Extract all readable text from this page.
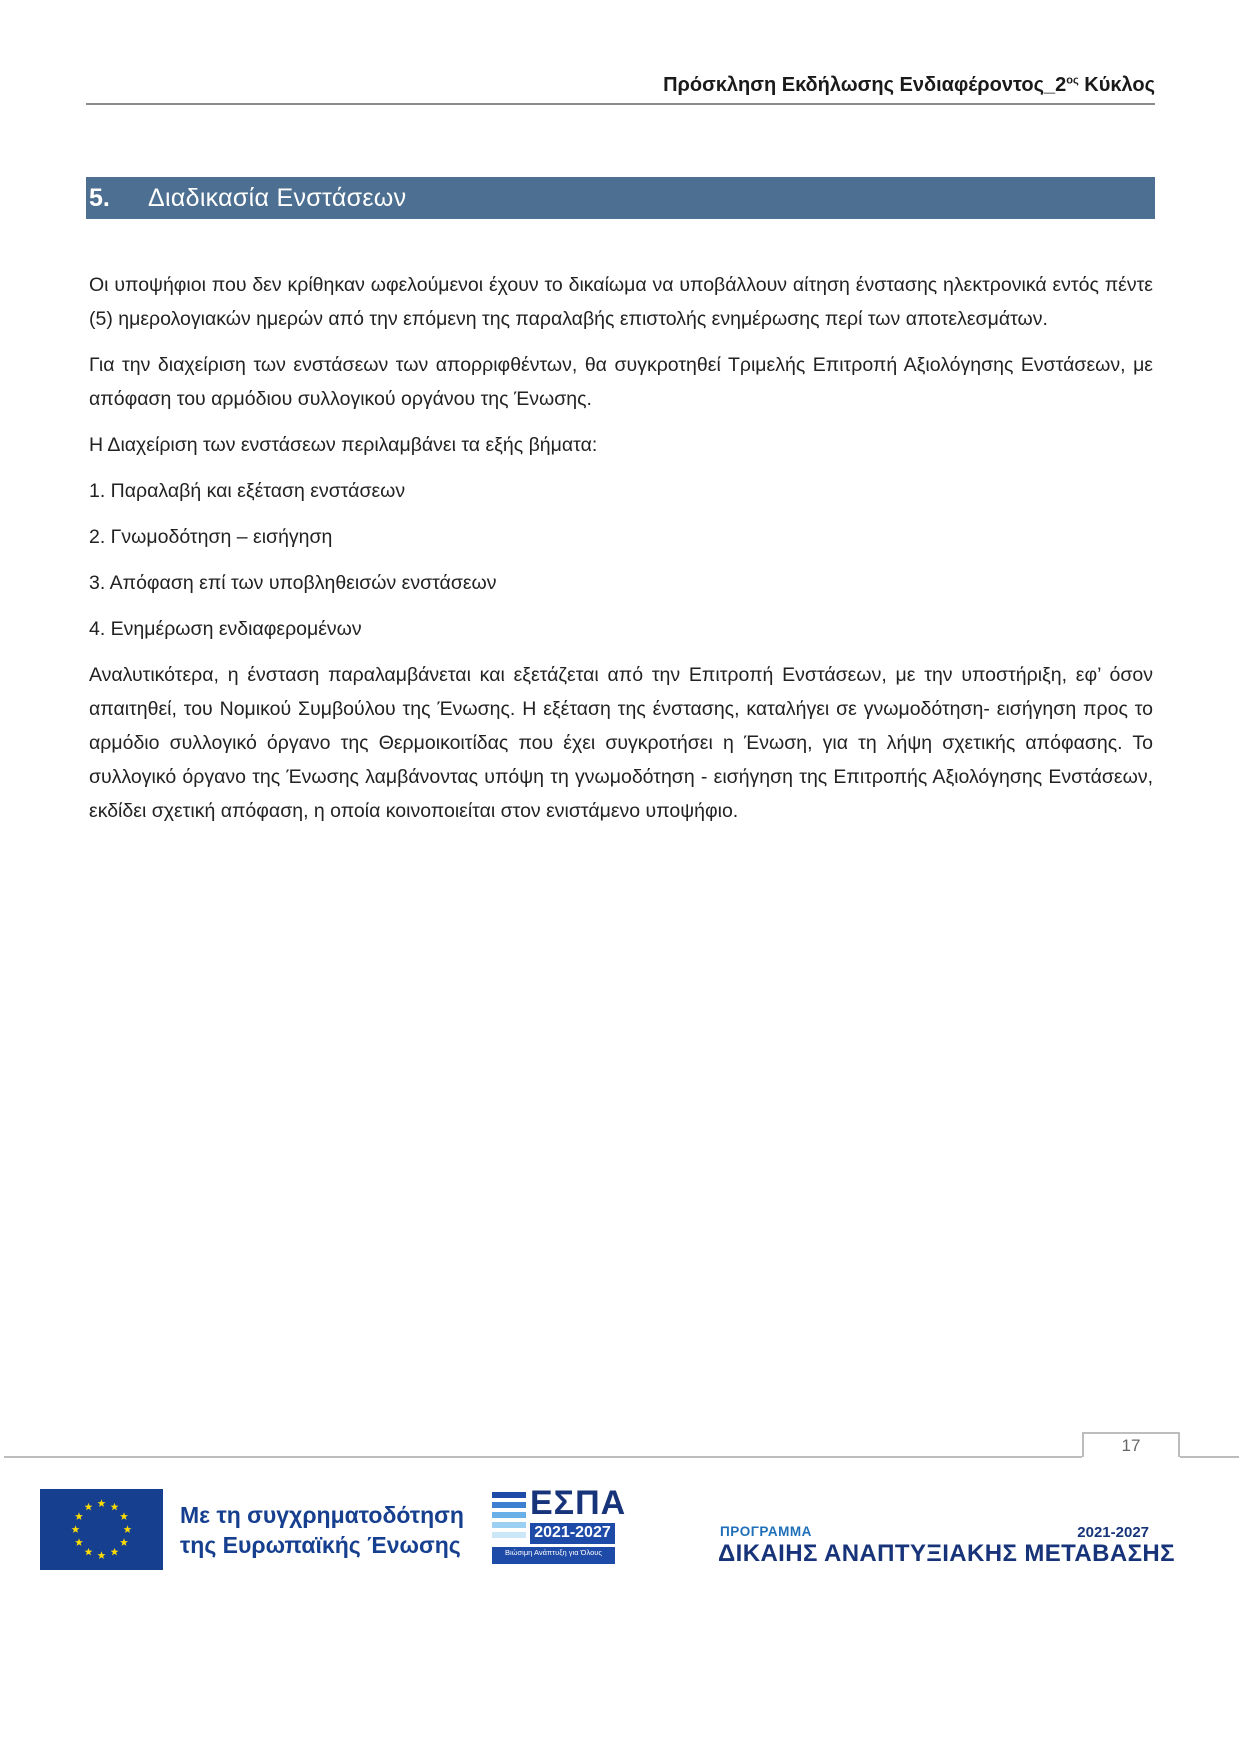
Πρόσκληση Εκδήλωσης $E\nu\delta\iota\alpha\varphi έ\rho o\nu\tau o\varsigma\_2^{o\varsigma}$ Κύκλος
5. Διαδικασία Ενστάσεων

Οι υποψήφιοι που δεν κρίθηκαν ωφελούμενοι έχουν το δικαίωμα να υποβάλλουν αίτηση ένστασης ηλεκτρονικά εντός πέντε (5) ημερολογιακών ημερών από την επόμενη της παραλαβής επιστολής ενημέρωσης περί των αποτελεσμάτων.

Για την διαχείριση των ενστάσεων των απορριφθέντων, θα συγκροτηθεί Τριμελής Επιτροπή Αξιολόγησης Ενστάσεων, με απόφαση του αρμόδιου συλλογικού οργάνου της Ένωσης.

Η Διαχείριση των ενστάσεων περιλαμβάνει τα εξής βήματα:

1. Παραλαβή και εξέταση ενστάσεων
2. Γνωμοδότηση – εισήγηση
3. Απόφαση επί των υποβληθεισών ενστάσεων
4. Ενημέρωση ενδιαφερομένων

Αναλυτικότερα, η ένσταση παραλαμβάνεται και εξετάζεται από την Επιτροπή Ενστάσεων, με την υποστήριξη, εφ’ όσον απαιτηθεί, του Νομικού Συμβούλου της Ένωσης. Η εξέταση της ένστασης, καταλήγει σε γνωμοδότηση- εισήγηση προς το αρμόδιο συλλογικό όργανο της Θερμοικοιτίδας που έχει συγκροτήσει η Ένωση, για τη λήψη σχετικής απόφασης. Το συλλογικό όργανο της Ένωσης λαμβάνοντας υπόψη τη γνωμοδότηση - εισήγηση της Επιτροπής Αξιολόγησης Ενστάσεων, εκδίδει σχετική απόφαση, η οποία κοινοποιείται στον ενιστάμενο υποψήφιο.

17
Με τη συγχρηματοδότηση
της Ευρωπαϊκής Ένωσης
ΕΣΠΑ
2021-2027
Βιώσιμη Ανάπτυξη για Όλους
ΠΡΟΓΡΑΜΜΑ	2021-2027
ΔΙΚΑΙΗΣ ΑΝΑΠΤΥΞΙΑΚΗΣ ΜΕΤΑΒΑΣΗΣ
